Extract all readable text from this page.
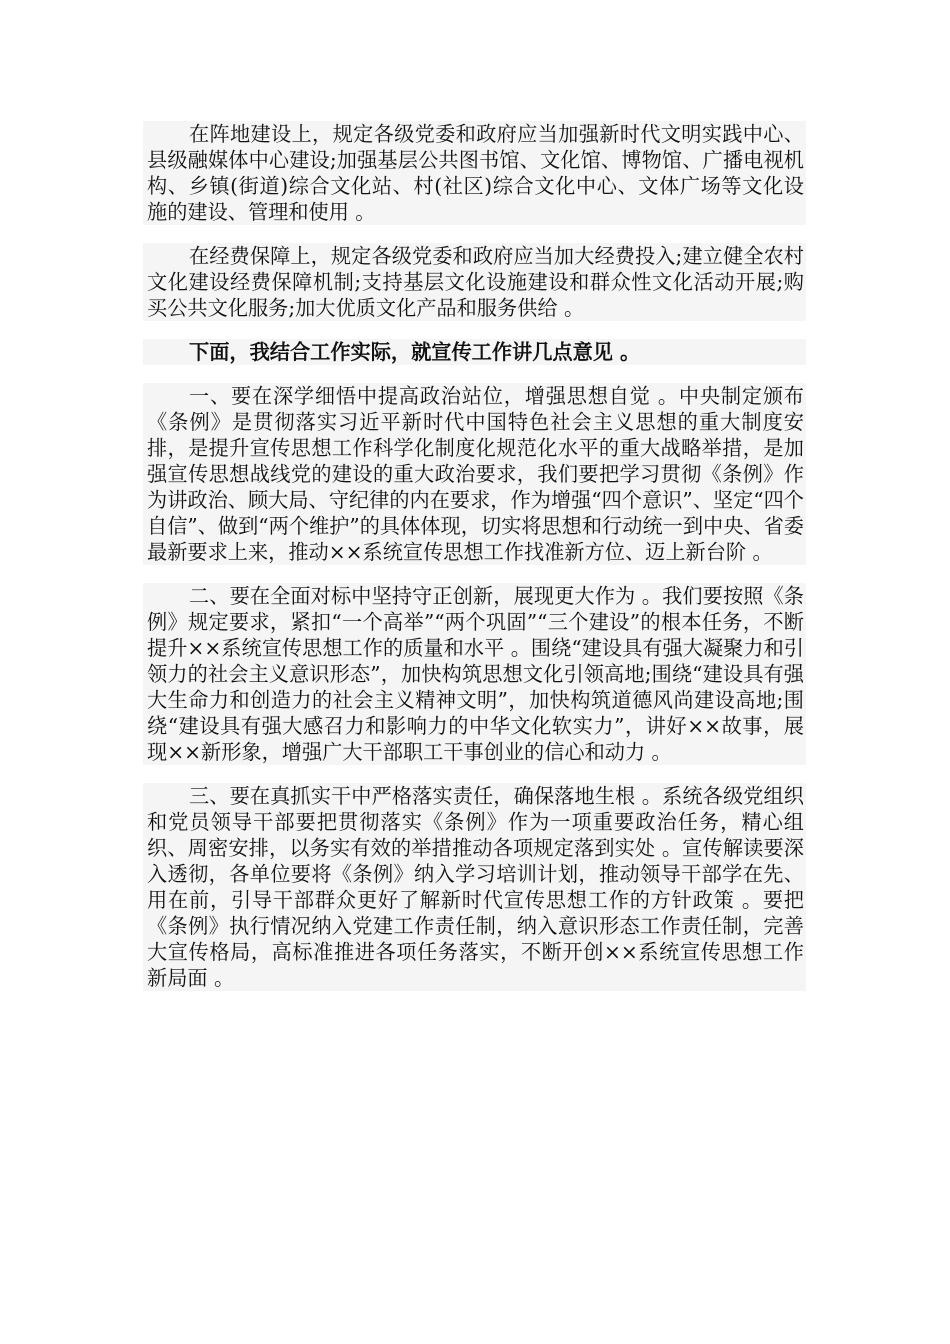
在阵地建设上，规定各级党委和政府应当加强新时代文明实践中心、县级融媒体中心建设;加强基层公共图书馆、文化馆、博物馆、广播电视机构、乡镇(街道)综合文化站、村(社区)综合文化中心、文体广场等文化设施的建设、管理和使用 。

在经费保障上，规定各级党委和政府应当加大经费投入;建立健全农村文化建设经费保障机制;支持基层文化设施建设和群众性文化活动开展;购买公共文化服务;加大优质文化产品和服务供给 。

下面，我结合工作实际，就宣传工作讲几点意见 。

一、要在深学细悟中提高政治站位，增强思想自觉 。中央制定颁布《条例》是贯彻落实习近平新时代中国特色社会主义思想的重大制度安排，是提升宣传思想工作科学化制度化规范化水平的重大战略举措，是加强宣传思想战线党的建设的重大政治要求，我们要把学习贯彻《条例》作为讲政治、顾大局、守纪律的内在要求，作为增强“四个意识”、坚定“四个自信”、做到“两个维护”的具体体现，切实将思想和行动统一到中央、省委最新要求上来，推动××系统宣传思想工作找准新方位、迈上新台阶 。

二、要在全面对标中坚持守正创新，展现更大作为 。我们要按照《条例》规定要求，紧扣“一个高举”“两个巩固”“三个建设”的根本任务，不断提升××系统宣传思想工作的质量和水平 。围绕“建设具有强大凝聚力和引领力的社会主义意识形态”，加快构筑思想文化引领高地;围绕“建设具有强大生命力和创造力的社会主义精神文明”，加快构筑道德风尚建设高地;围绕“建设具有强大感召力和影响力的中华文化软实力”，讲好××故事，展现××新形象，增强广大干部职工干事创业的信心和动力 。

三、要在真抓实干中严格落实责任，确保落地生根 。系统各级党组织和党员领导干部要把贯彻落实《条例》作为一项重要政治任务，精心组织、周密安排，以务实有效的举措推动各项规定落到实处 。宣传解读要深入透彻，各单位要将《条例》纳入学习培训计划，推动领导干部学在先、用在前，引导干部群众更好了解新时代宣传思想工作的方针政策 。要把《条例》执行情况纳入党建工作责任制，纳入意识形态工作责任制，完善大宣传格局，高标准推进各项任务落实，不断开创××系统宣传思想工作新局面 。
